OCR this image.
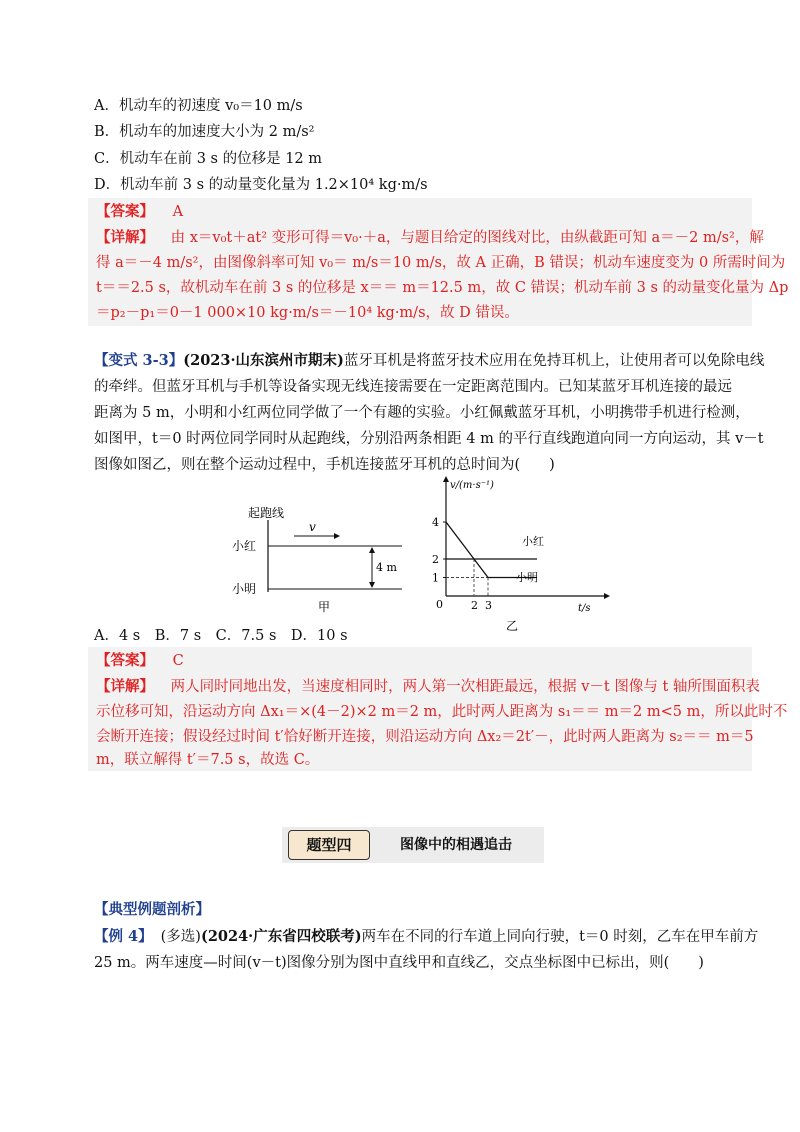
A．机动车的初速度 v₀＝10 m/s
B．机动车的加速度大小为 2 m/s²
C．机动车在前 3 s 的位移是 12 m
D．机动车前 3 s 的动量变化量为 1.2×10⁴ kg·m/s
【答案】 A
【详解】 由 x＝v₀t＋at² 变形可得＝v₀·＋a，与题目给定的图线对比，由纵截距可知 a＝－2 m/s²，解
得 a＝－4 m/s²，由图像斜率可知 v₀＝ m/s＝10 m/s，故 A 正确，B 错误；机动车速度变为 0 所需时间为
t＝＝2.5 s，故机动车在前 3 s 的位移是 x＝＝ m＝12.5 m，故 C 错误；机动车前 3 s 的动量变化量为 Δp
＝p₂－p₁＝0－1 000×10 kg·m/s＝－10⁴ kg·m/s，故 D 错误。
【变式 3-3】(2023·山东滨州市期末)蓝牙耳机是将蓝牙技术应用在免持耳机上，让使用者可以免除电线
的牵绊。但蓝牙耳机与手机等设备实现无线连接需要在一定距离范围内。已知某蓝牙耳机连接的最远
距离为 5 m，小明和小红两位同学做了一个有趣的实验。小红佩戴蓝牙耳机，小明携带手机进行检测，
如图甲，t＝0 时两位同学同时从起跑线，分别沿两条相距 4 m 的平行直线跑道向同一方向运动，其 v－t
图像如图乙，则在整个运动过程中，手机连接蓝牙耳机的总时间为(　　)
起跑线
v
小红
小明
4 m
甲
v/(m·s⁻¹)
t/s
0
1
2
4
2 3
小红
小明
乙
A．4 s　B．7 s　C．7.5 s　D．10 s
【答案】 C
【详解】 两人同时同地出发，当速度相同时，两人第一次相距最远，根据 v－t 图像与 t 轴所围面积表
示位移可知，沿运动方向 Δx₁＝×(4－2)×2 m＝2 m，此时两人距离为 s₁＝＝ m＝2 m<5 m，所以此时不
会断开连接；假设经过时间 t′恰好断开连接，则沿运动方向 Δx₂＝2t′－，此时两人距离为 s₂＝＝ m＝5
m，联立解得 t′＝7.5 s，故选 C。
题型四	图像中的相遇追击
【典型例题剖析】
【例 4】 (多选)(2024·广东省四校联考)两车在不同的行车道上同向行驶，t＝0 时刻，乙车在甲车前方
25 m。两车速度—时间(v－t)图像分别为图中直线甲和直线乙，交点坐标图中已标出，则(　　)
